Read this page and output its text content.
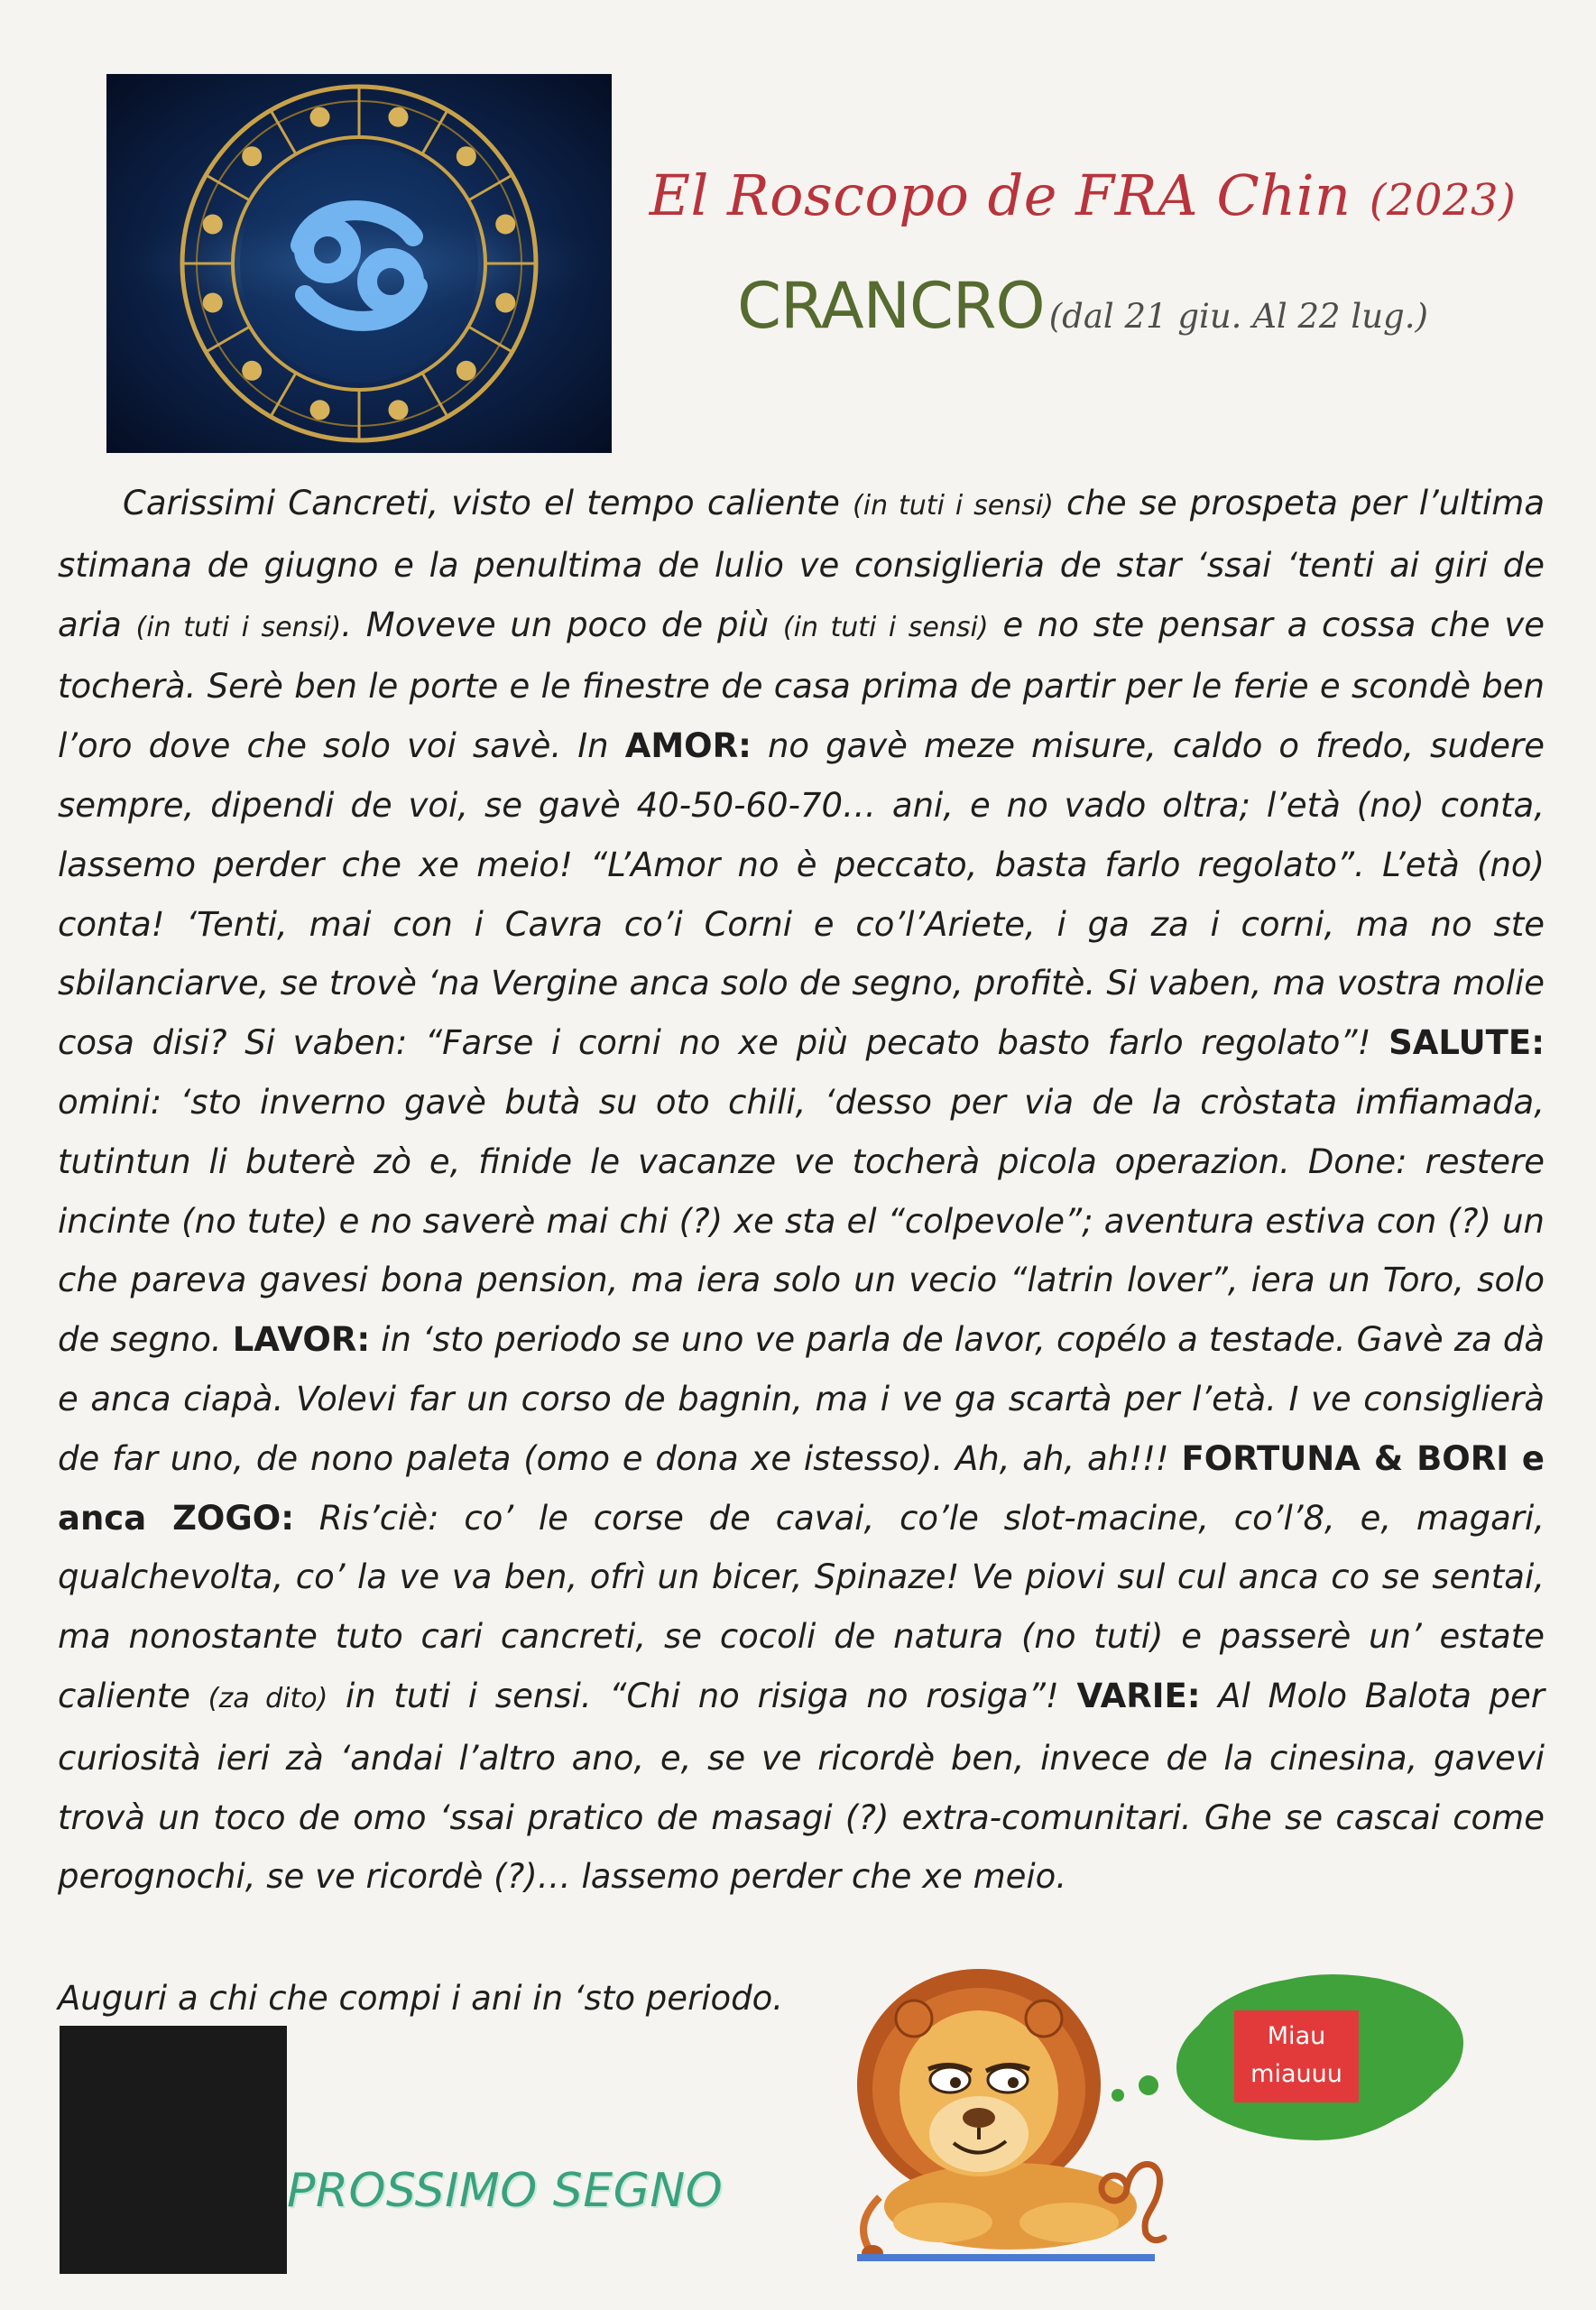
El Roscopo de FRA Chin (2023)
CRANCRO (dal 21 giu. Al 22 lug.)

Carissimi Cancreti, visto el tempo caliente (in tuti i sensi) che se prospeta per l’ultima stimana de giugno e la penultima de lulio ve consiglieria de star ‘ssai ‘tenti ai giri de aria (in tuti i sensi). Moveve un poco de più (in tuti i sensi) e no ste pensar a cossa che ve tocherà. Serè ben le porte e le finestre de casa prima de partir per le ferie e scondè ben l’oro dove che solo voi savè. In AMOR: no gavè meze misure, caldo o fredo, sudere sempre, dipendi de voi, se gavè 40-50-60-70… ani, e no vado oltra; l’età (no) conta, lassemo perder che xe meio! “L’Amor no è peccato, basta farlo regolato”. L’età (no) conta! ‘Tenti, mai con i Cavra co’i Corni e co’l’Ariete, i ga za i corni, ma no ste sbilanciarve, se trovè ‘na Vergine anca solo de segno, profitè. Si vaben, ma vostra molie cosa disi? Si vaben: “Farse i corni no xe più pecato basto farlo regolato”! SALUTE: omini: ‘sto inverno gavè butà su oto chili, ‘desso per via de la cròstata imfiamada, tutintun li buterè zò e, finide le vacanze ve tocherà picola operazion. Done: restere incinte (no tute) e no saverè mai chi (?) xe sta el “colpevole”; aventura estiva con (?) un che pareva gavesi bona pension, ma iera solo un vecio “latrin lover”, iera un Toro, solo de segno. LAVOR: in ‘sto periodo se uno ve parla de lavor, copélo a testade. Gavè za dà e anca ciapà. Volevi far un corso de bagnin, ma i ve ga scartà per l’età. I ve consiglierà de far uno, de nono paleta (omo e dona xe istesso). Ah, ah, ah!!! FORTUNA & BORI e anca ZOGO: Ris’ciè: co’ le corse de cavai, co’le slot-macine, co’l’8, e, magari, qualchevolta, co’ la ve va ben, ofrì un bicer, Spinaze! Ve piovi sul cul anca co se sentai, ma nonostante tuto cari cancreti, se cocoli de natura (no tuti) e passerè un’ estate caliente (za dito) in tuti i sensi. “Chi no risiga no rosiga”! VARIE: Al Molo Balota per curiosità ieri zà ‘andai l’altro ano, e, se ve ricordè ben, invece de la cinesina, gavevi trovà un toco de omo ‘ssai pratico de masagi (?) extra-comunitari. Ghe se cascai come perognochi, se ve ricordè (?)… lassemo perder che xe meio.

Auguri a chi che compi i ani in ‘sto periodo.
PROSSIMO SEGNO
Miau
miauuu
